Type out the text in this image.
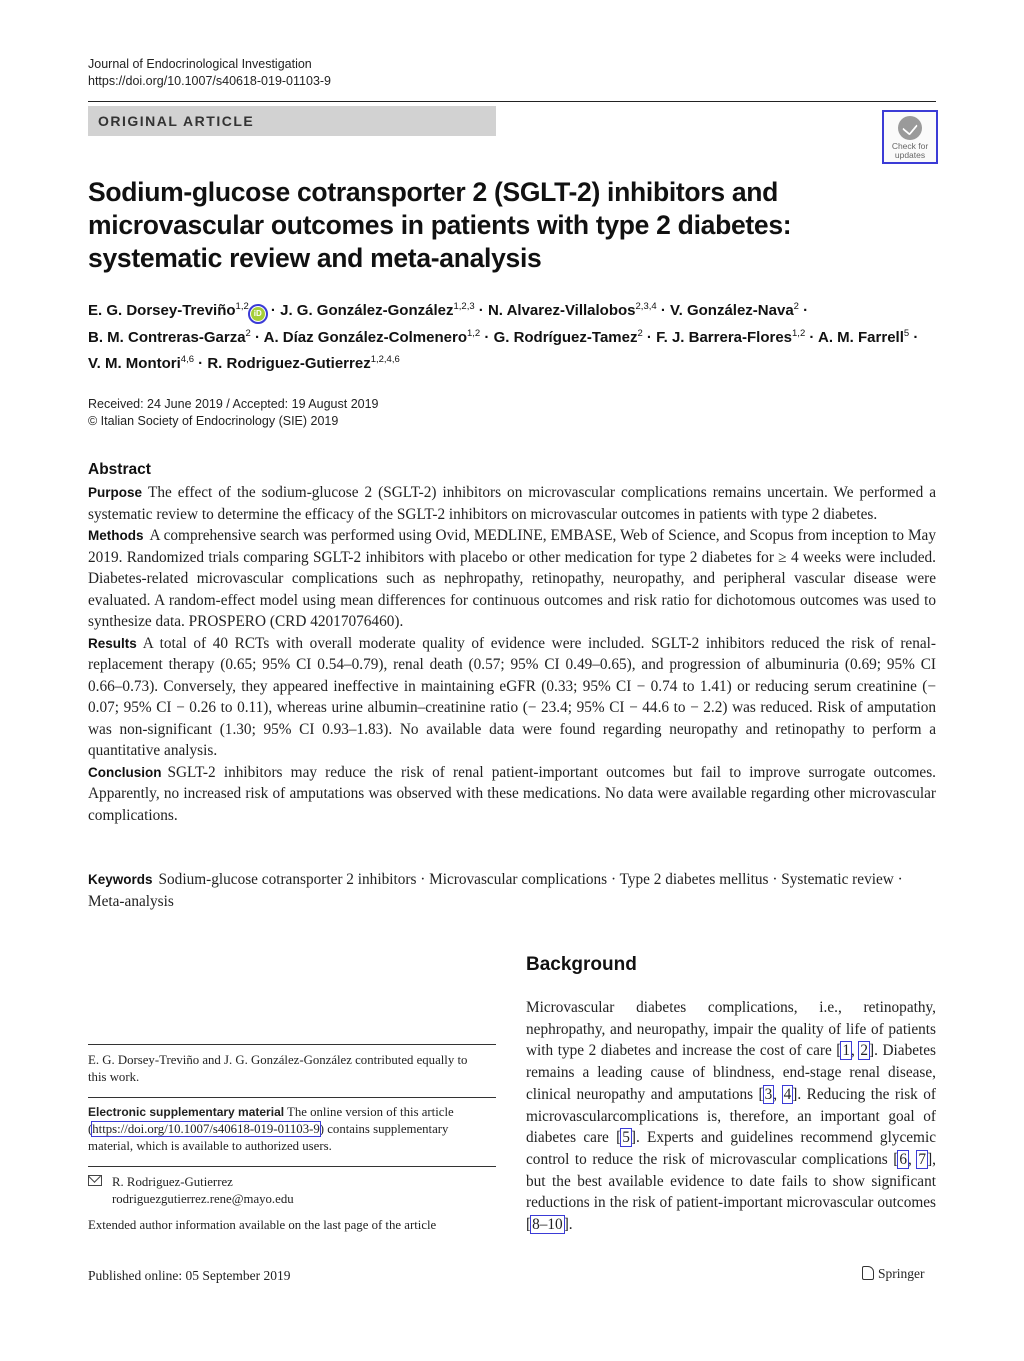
Journal of Endocrinological Investigation
https://doi.org/10.1007/s40618-019-01103-9
ORIGINAL ARTICLE
Check for updates
Sodium-glucose cotransporter 2 (SGLT-2) inhibitors and microvascular outcomes in patients with type 2 diabetes: systematic review and meta-analysis
E. G. Dorsey-Treviño$^{1,2}$iD · J. G. González-González$^{1,2,3}$ · N. Alvarez-Villalobos$^{2,3,4}$ · V. González-Nava$^2$ ·
B. M. Contreras-Garza$^2$ · A. Díaz González-Colmenero$^{1,2}$ · G. Rodríguez-Tamez$^2$ · F. J. Barrera-Flores$^{1,2}$ · A. M. Farrell$^5$ ·
V. M. Montori$^{4,6}$ · R. Rodriguez-Gutierrez$^{1,2,4,6}$
Received: 24 June 2019 / Accepted: 19 August 2019
© Italian Society of Endocrinology (SIE) 2019
Abstract

Purpose The effect of the sodium-glucose 2 (SGLT-2) inhibitors on microvascular complications remains uncertain. We performed a systematic review to determine the efficacy of the SGLT-2 inhibitors on microvascular outcomes in patients with type 2 diabetes.

Methods A comprehensive search was performed using Ovid, MEDLINE, EMBASE, Web of Science, and Scopus from inception to May 2019. Randomized trials comparing SGLT-2 inhibitors with placebo or other medication for type 2 diabetes for ≥ 4 weeks were included. Diabetes-related microvascular complications such as nephropathy, retinopathy, neuropathy, and peripheral vascular disease were evaluated. A random-effect model using mean differences for continuous outcomes and risk ratio for dichotomous outcomes was used to synthesize data. PROSPERO (CRD 42017076460).

Results A total of 40 RCTs with overall moderate quality of evidence were included. SGLT-2 inhibitors reduced the risk of renal-replacement therapy (0.65; 95% CI 0.54–0.79), renal death (0.57; 95% CI 0.49–0.65), and progression of albuminuria (0.69; 95% CI 0.66–0.73). Conversely, they appeared ineffective in maintaining eGFR (0.33; 95% CI − 0.74 to 1.41) or reducing serum creatinine (− 0.07; 95% CI − 0.26 to 0.11), whereas urine albumin–creatinine ratio (− 23.4; 95% CI − 44.6 to − 2.2) was reduced. Risk of amputation was non-significant (1.30; 95% CI 0.93–1.83). No available data were found regarding neuropathy and retinopathy to perform a quantitative analysis.

Conclusion SGLT-2 inhibitors may reduce the risk of renal patient-important outcomes but fail to improve surrogate outcomes. Apparently, no increased risk of amputations was observed with these medications. No data were available regarding other microvascular complications.

Keywords Sodium-glucose cotransporter 2 inhibitors · Microvascular complications · Type 2 diabetes mellitus · Systematic review · Meta-analysis
Background
Microvascular diabetes complications, i.e., retinopathy, nephropathy, and neuropathy, impair the quality of life of patients with type 2 diabetes and increase the cost of care [1, 2]. Diabetes remains a leading cause of blindness, end-stage renal disease, clinical neuropathy and amputations [3, 4]. Reducing the risk of microvascularcomplications is, therefore, an important goal of diabetes care [5]. Experts and guidelines recommend glycemic control to reduce the risk of microvascular complications [6, 7], but the best available evidence to date fails to show significant reductions in the risk of patient-important microvascular outcomes [8–10].
E. G. Dorsey-Treviño and J. G. González-González contributed equally to this work.
Electronic supplementary material The online version of this article (https://doi.org/10.1007/s40618-019-01103-9) contains supplementary material, which is available to authorized users.
R. Rodriguez-Gutierrez
rodriguezgutierrez.rene@mayo.edu
Extended author information available on the last page of the article
Published online: 05 September 2019	Springer
